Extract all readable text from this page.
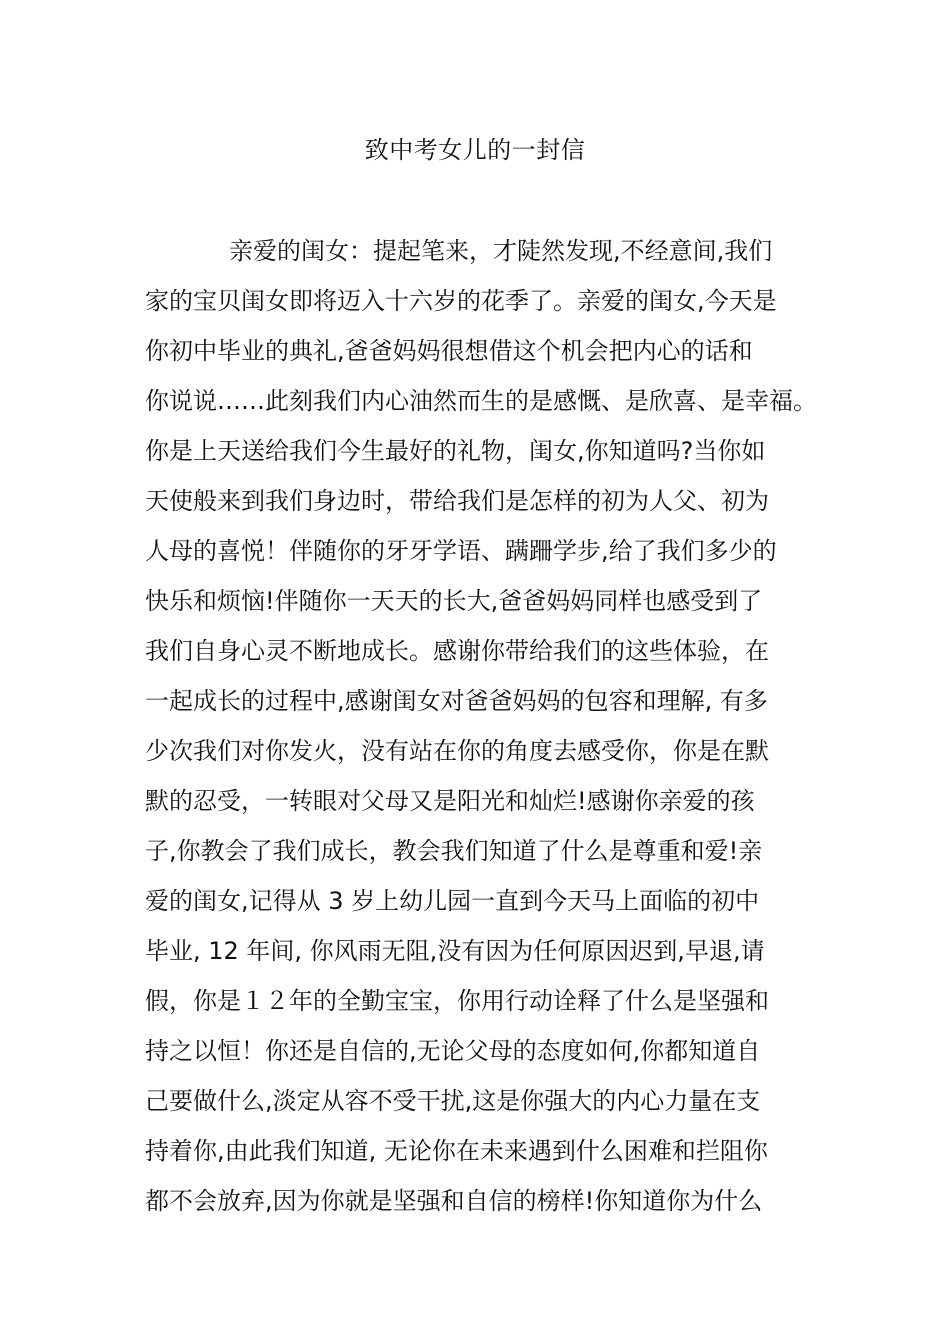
致中考女儿的一封信
亲爱的闺女：提起笔来，才陡然发现,不经意间,我们
家的宝贝闺女即将迈入十六岁的花季了。亲爱的闺女,今天是
你初中毕业的典礼,爸爸妈妈很想借这个机会把内心的话和
你说说……此刻我们内心油然而生的是感慨、是欣喜、是幸福。
你是上天送给我们今生最好的礼物，闺女,你知道吗?当你如
天使般来到我们身边时，带给我们是怎样的初为人父、初为
人母的喜悦！伴随你的牙牙学语、蹒跚学步,给了我们多少的
快乐和烦恼!伴随你一天天的长大,爸爸妈妈同样也感受到了
我们自身心灵不断地成长。感谢你带给我们的这些体验，在
一起成长的过程中,感谢闺女对爸爸妈妈的包容和理解, 有多
少次我们对你发火，没有站在你的角度去感受你，你是在默
默的忍受，一转眼对父母又是阳光和灿烂!感谢你亲爱的孩
子,你教会了我们成长，教会我们知道了什么是尊重和爱!亲
爱的闺女,记得从 3 岁上幼儿园一直到今天马上面临的初中
毕业, 12 年间, 你风雨无阻,没有因为任何原因迟到,早退,请
假，你是１２年的全勤宝宝，你用行动诠释了什么是坚强和
持之以恒！你还是自信的,无论父母的态度如何,你都知道自
己要做什么,淡定从容不受干扰,这是你强大的内心力量在支
持着你,由此我们知道, 无论你在未来遇到什么困难和拦阻你
都不会放弃,因为你就是坚强和自信的榜样!你知道你为什么
